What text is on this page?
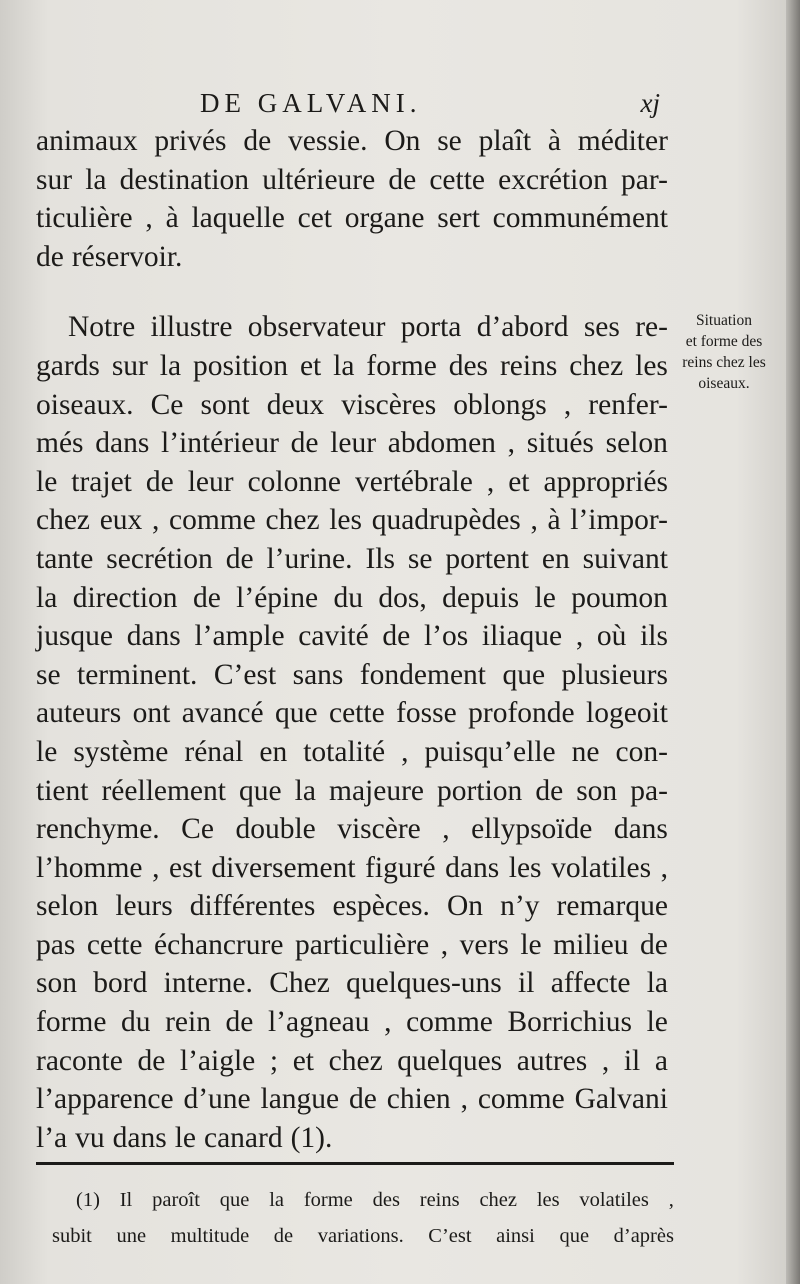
DE GALVANI.	xj
animaux privés de vessie. On se plaît à méditer
sur la destination ultérieure de cette excrétion par-
ticulière , à laquelle cet organe sert communément
de réservoir.
Notre illustre observateur porta d’abord ses re-
gards sur la position et la forme des reins chez les
oiseaux. Ce sont deux viscères oblongs , renfer-
més dans l’intérieur de leur abdomen , situés selon
le trajet de leur colonne vertébrale , et appropriés
chez eux , comme chez les quadrupèdes , à l’impor-
tante secrétion de l’urine. Ils se portent en suivant
la direction de l’épine du dos, depuis le poumon
jusque dans l’ample cavité de l’os iliaque , où ils
se terminent. C’est sans fondement que plusieurs
auteurs ont avancé que cette fosse profonde logeoit
le système rénal en totalité , puisqu’elle ne con-
tient réellement que la majeure portion de son pa-
renchyme. Ce double viscère , ellypsoïde dans
l’homme , est diversement figuré dans les volatiles ,
selon leurs différentes espèces. On n’y remarque
pas cette échancrure particulière , vers le milieu de
son bord interne. Chez quelques-uns il affecte la
forme du rein de l’agneau , comme Borrichius le
raconte de l’aigle ; et chez quelques autres , il a
l’apparence d’une langue de chien , comme Galvani
l’a vu dans le canard (1).
Situation
et forme des
reins chez les
oiseaux.
(1) Il paroît que la forme des reins chez les volatiles ,
subit une multitude de variations. C’est ainsi que d’après
